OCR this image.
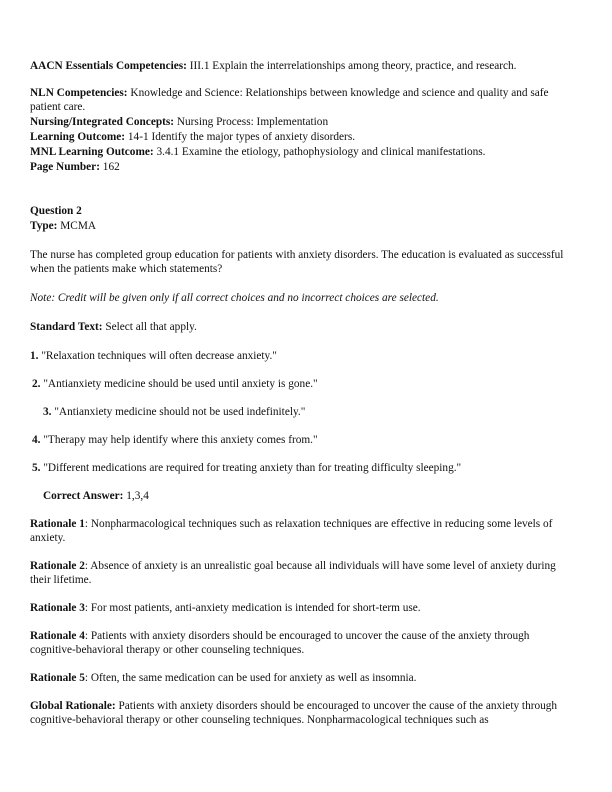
AACN Essentials Competencies: III.1 Explain the interrelationships among theory, practice, and research.
NLN Competencies: Knowledge and Science: Relationships between knowledge and science and quality and safe patient care.
Nursing/Integrated Concepts: Nursing Process: Implementation
Learning Outcome: 14-1 Identify the major types of anxiety disorders.
MNL Learning Outcome: 3.4.1 Examine the etiology, pathophysiology and clinical manifestations.
Page Number: 162
Question 2
Type: MCMA
The nurse has completed group education for patients with anxiety disorders. The education is evaluated as successful when the patients make which statements?
Note: Credit will be given only if all correct choices and no incorrect choices are selected.
Standard Text: Select all that apply.
1. "Relaxation techniques will often decrease anxiety."
2. "Antianxiety medicine should be used until anxiety is gone."
3. "Antianxiety medicine should not be used indefinitely."
4. "Therapy may help identify where this anxiety comes from."
5. "Different medications are required for treating anxiety than for treating difficulty sleeping."
Correct Answer: 1,3,4
Rationale 1: Nonpharmacological techniques such as relaxation techniques are effective in reducing some levels of anxiety.
Rationale 2: Absence of anxiety is an unrealistic goal because all individuals will have some level of anxiety during their lifetime.
Rationale 3: For most patients, anti-anxiety medication is intended for short-term use.
Rationale 4: Patients with anxiety disorders should be encouraged to uncover the cause of the anxiety through cognitive-behavioral therapy or other counseling techniques.
Rationale 5: Often, the same medication can be used for anxiety as well as insomnia.
Global Rationale: Patients with anxiety disorders should be encouraged to uncover the cause of the anxiety through cognitive-behavioral therapy or other counseling techniques. Nonpharmacological techniques such as
